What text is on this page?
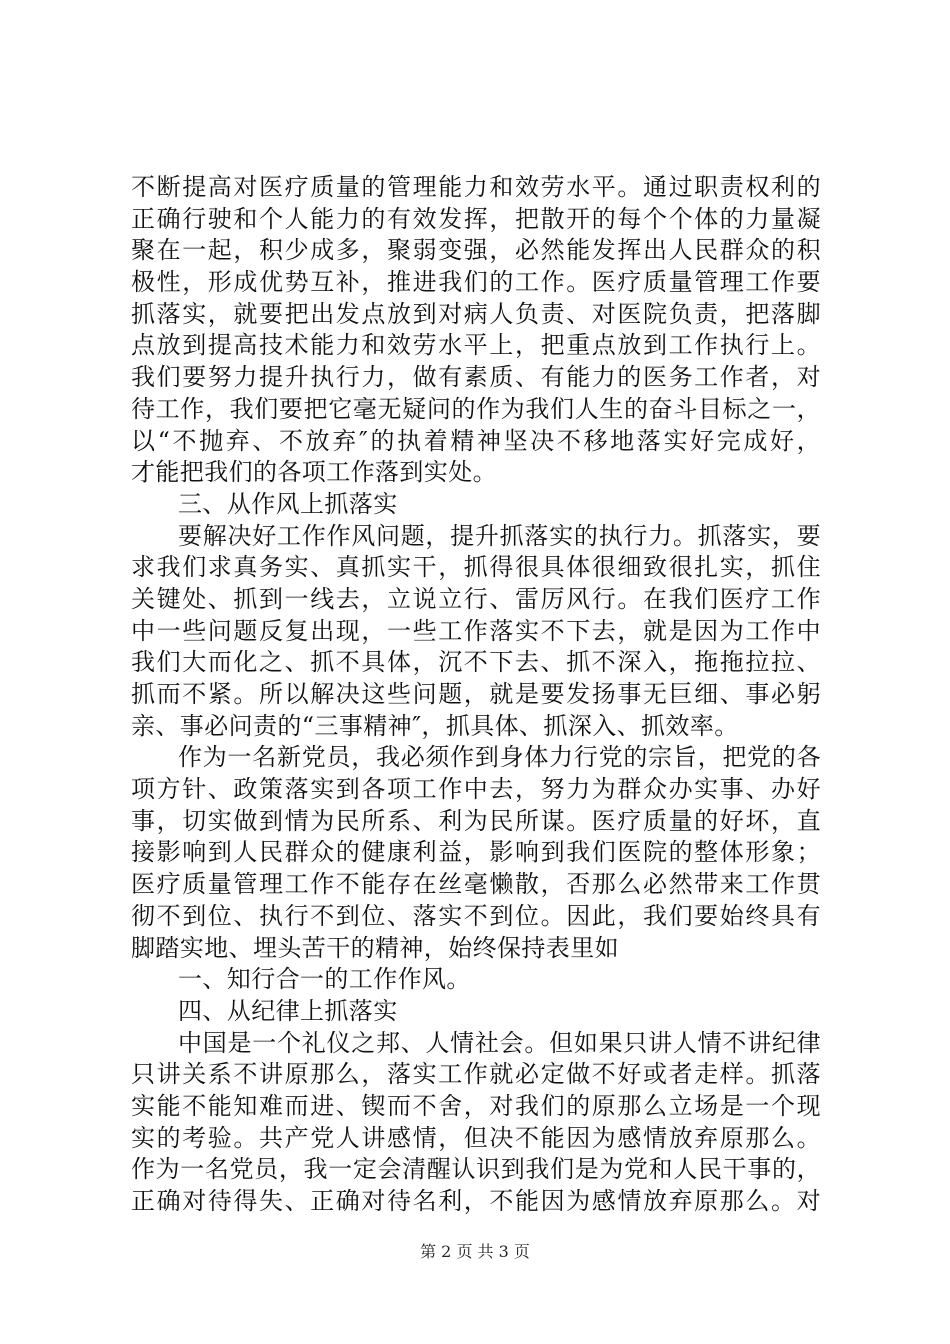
不断提高对医疗质量的管理能力和效劳水平。通过职责权利的
正确行驶和个人能力的有效发挥，把散开的每个个体的力量凝
聚在一起，积少成多，聚弱变强，必然能发挥出人民群众的积
极性，形成优势互补，推进我们的工作。医疗质量管理工作要
抓落实，就要把出发点放到对病人负责、对医院负责，把落脚
点放到提高技术能力和效劳水平上，把重点放到工作执行上。
我们要努力提升执行力，做有素质、有能力的医务工作者，对
待工作，我们要把它毫无疑问的作为我们人生的奋斗目标之一，
以“不抛弃、不放弃″的执着精神坚决不移地落实好完成好，
才能把我们的各项工作落到实处。
三、从作风上抓落实
要解决好工作作风问题，提升抓落实的执行力。抓落实，要
求我们求真务实、真抓实干，抓得很具体很细致很扎实，抓住
关键处、抓到一线去，立说立行、雷厉风行。在我们医疗工作
中一些问题反复出现，一些工作落实不下去，就是因为工作中
我们大而化之、抓不具体，沉不下去、抓不深入，拖拖拉拉、
抓而不紧。所以解决这些问题，就是要发扬事无巨细、事必躬
亲、事必问责的“三事精神″，抓具体、抓深入、抓效率。
作为一名新党员，我必须作到身体力行党的宗旨，把党的各
项方针、政策落实到各项工作中去，努力为群众办实事、办好
事，切实做到情为民所系、利为民所谋。医疗质量的好坏，直
接影响到人民群众的健康利益，影响到我们医院的整体形象；
医疗质量管理工作不能存在丝毫懒散，否那么必然带来工作贯
彻不到位、执行不到位、落实不到位。因此，我们要始终具有
脚踏实地、埋头苦干的精神，始终保持表里如
一、知行合一的工作作风。
四、从纪律上抓落实
中国是一个礼仪之邦、人情社会。但如果只讲人情不讲纪律
只讲关系不讲原那么，落实工作就必定做不好或者走样。抓落
实能不能知难而进、锲而不舍，对我们的原那么立场是一个现
实的考验。共产党人讲感情，但决不能因为感情放弃原那么。
作为一名党员，我一定会清醒认识到我们是为党和人民干事的，
正确对待得失、正确对待名利，不能因为感情放弃原那么。对
第 2 页 共 3 页
